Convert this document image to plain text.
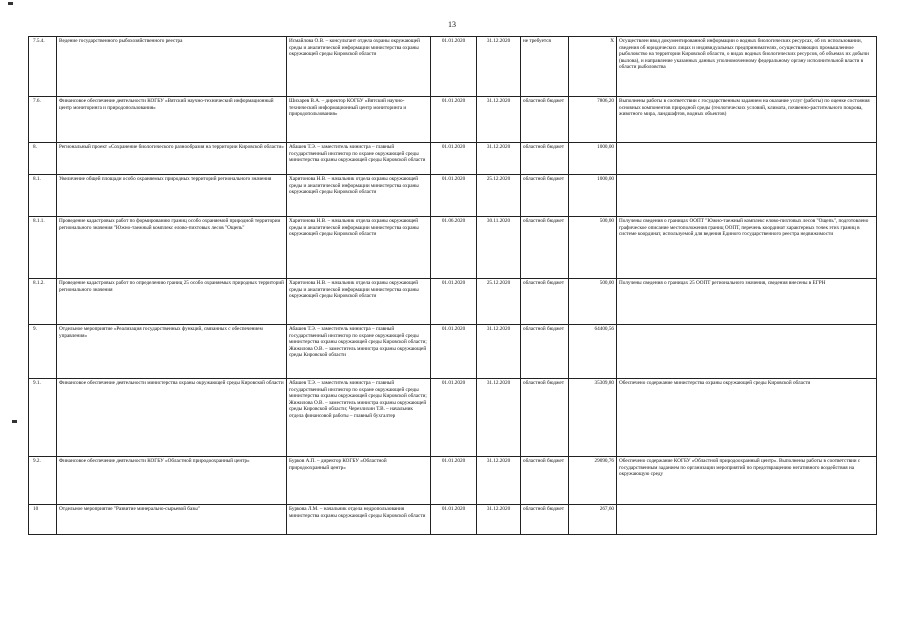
13
7.5.4.	Ведение государственного рыбохозяйственного реестра	Исмайлова О.В. – консультант отдела охраны окружающей среды и аналитической информации министерства охраны окружающей среды Кировской области	01.01.2020	31.12.2020	не требуется	X	Осуществлен ввод документированной информации о водных биологических ресурсах, об их использовании, сведения об юридических лицах и индивидуальных предпринимателях, осуществляющих промышленное рыболовство на территории Кировской области, о видах водных биологических ресурсов, об объемах их добычи (вылова), и направление указанных данных уполномоченному федеральному органу исполнительной власти в области рыболовства
7.6.	Финансовое обеспечение деятельности КОГБУ «Вятский научно-технический информационный центр мониторинга и природопользования»	Шихарев В.А. – директор КОГБУ «Вятский научно-технический информационный центр мониторинга и природопользования»	01.01.2020	31.12.2020	областной бюджет	7806,20	Выполнены работы в соответствии с государственным заданием на оказание услуг (работы) по оценке состояния основных компонентов природной среды (геологических условий, климата, почвенно-растительного покрова, животного мира, ландшафтов, водных объектов)
8.	Региональный проект «Сохранение биологического разнообразия на территории Кировской области»	Абашев Т.Э. – заместитель министра – главный государственный инспектор по охране окружающей среды министерства охраны окружающей среды Кировской области	01.01.2020	31.12.2020	областной бюджет	1000,00	
8.1.	Увеличение общей площади особо охраняемых природных территорий регионального значения	Харитонова Н.В. – начальник отдела охраны окружающей среды и аналитической информации министерства охраны окружающей среды Кировской области	01.01.2020	25.12.2020	областной бюджет	1000,00	
8.1.1.	Проведение кадастровых работ по формированию границ особо охраняемой природной территории регионального значения "Южно-таежный комплекс елово-пихтовых лесов "Ощепь"	Харитонова Н.В. – начальник отдела охраны окружающей среды и аналитической информации министерства охраны окружающей среды Кировской области	01.06.2020	30.11.2020	областной бюджет	500,00	Получены сведения о границах ООПТ "Южно-таежный комплекс елово-пихтовых лесов "Ощепь", подготовлено графическое описание местоположения границ ООПТ, перечень координат характерных точек этих границ в системе координат, используемой для ведения Единого государственного реестра недвижимости
8.1.2.	Проведение кадастровых работ по определению границ 25 особо охраняемых природных территорий регионального значения	Харитонова Н.В. – начальник отдела охраны окружающей среды и аналитической информации министерства охраны окружающей среды Кировской области	01.01.2020	25.12.2020	областной бюджет	500,00	Получены сведения о границах 25 ООПТ регионального значения, сведения внесены в ЕГРН
9.	Отдельное мероприятие «Реализация государственных функций, связанных с обеспечением управления»	Абашев Т.Э. – заместитель министра – главный государственный инспектор по охране окружающей среды министерства охраны окружающей среды Кировской области; Жижилова О.В. – заместитель министра охраны окружающей среды Кировской области	01.01.2020	31.12.2020	областной бюджет	64400,56	
9.1.	Финансовое обеспечение деятельности министерства охраны окружающей среды Кировской области	Абашев Т.Э. – заместитель министра – главный государственный инспектор по охране окружающей среды министерства охраны окружающей среды Кировской области; Жижилова О.В. – заместитель министра охраны окружающей среды Кировской области; Черезлихин Т.В. – начальник отдела финансовой работы – главный бухгалтер	01.01.2020	31.12.2020	областной бюджет	35309,80	Обеспечено содержание министерства охраны окружающей среды Кировской области
9.2.	Финансовое обеспечение деятельности КОГБУ «Областной природоохранный центр»	Бурков А.П. – директор КОГБУ «Областной природоохранный центр»	01.01.2020	31.12.2020	областной бюджет	29090,76	Обеспечено содержание КОГБУ «Областной природоохранный центр». Выполнены работы в соответствии с государственным заданием по организации мероприятий по предотвращению негативного воздействия на окружающую среду
10	Отдельное мероприятие "Развитие минерально-сырьевой базы"	Буркова Л.М. – начальник отдела недропользования министерства охраны окружающей среды Кировской области	01.01.2020	31.12.2020	областной бюджет	267,60	
